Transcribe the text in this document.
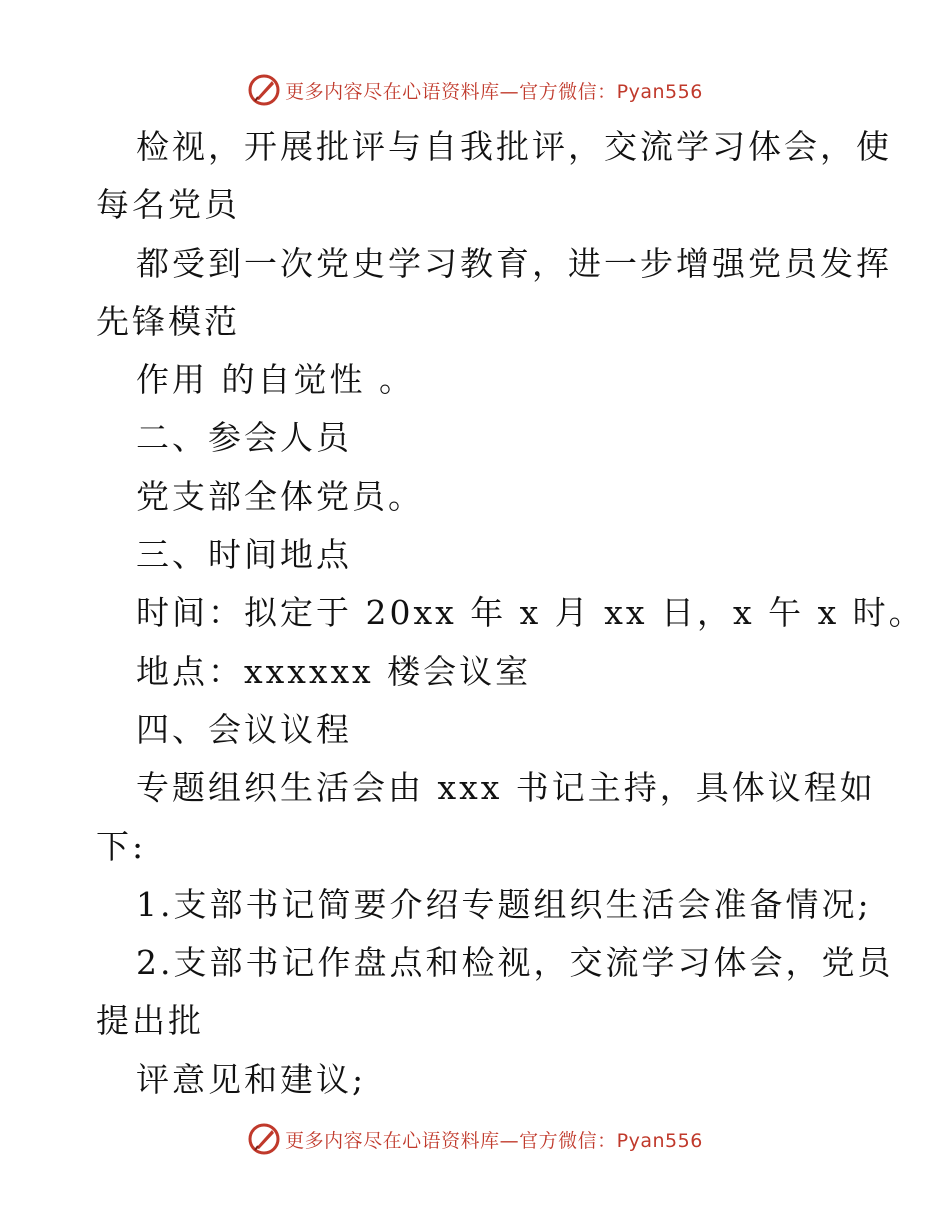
更多内容尽在心语资料库—官方微信：Pyan556
检视，开展批评与自我批评，交流学习体会，使
每名党员
都受到一次党史学习教育，进一步增强党员发挥
先锋模范
作用 的自觉性 。
二、参会人员
党支部全体党员。
三、时间地点
时间：拟定于 20xx 年 x 月 xx 日，x 午 x 时。
地点：xxxxxx 楼会议室
四、会议议程
专题组织生活会由 xxx 书记主持，具体议程如
下:
1.支部书记简要介绍专题组织生活会准备情况;
2.支部书记作盘点和检视，交流学习体会，党员
提出批
评意见和建议;
更多内容尽在心语资料库—官方微信：Pyan556
